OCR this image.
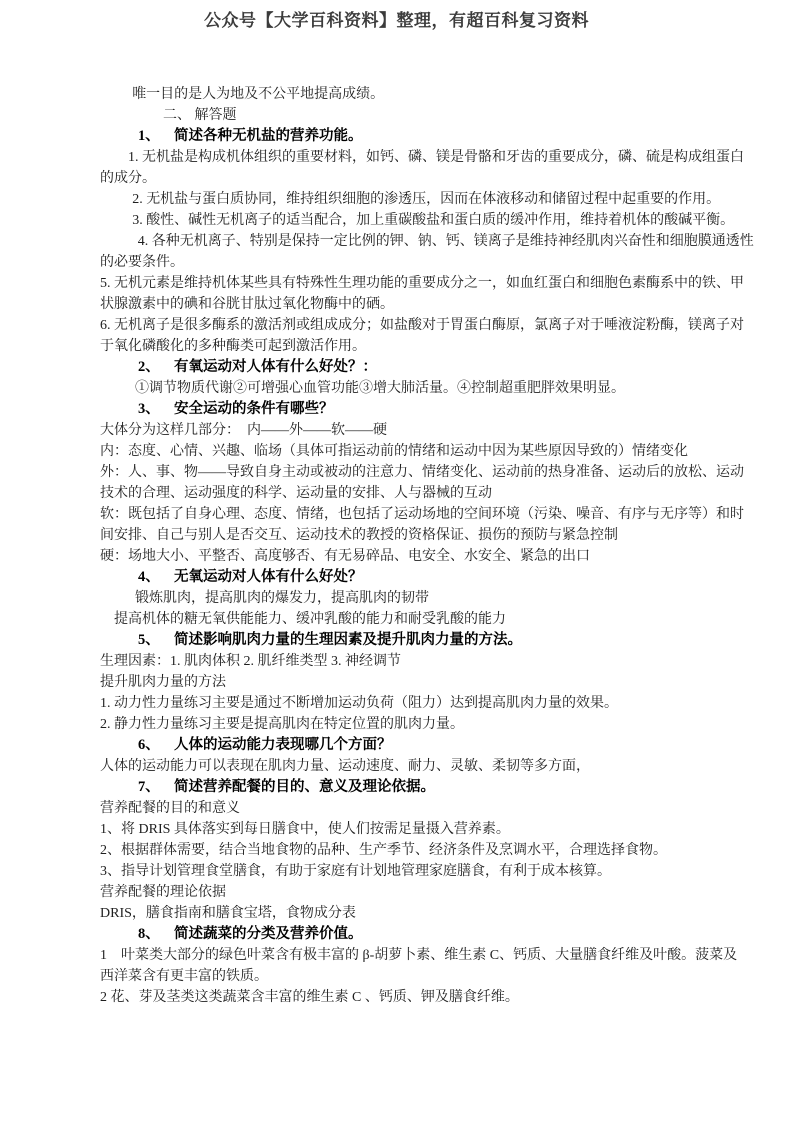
公众号【大学百科资料】整理，有超百科复习资料
唯一目的是人为地及不公平地提高成绩。
二、 解答题
1、 简述各种无机盐的营养功能。
1. 无机盐是构成机体组织的重要材料，如钙、磷、镁是骨骼和牙齿的重要成分，磷、硫是构成组蛋白
的成分。
2. 无机盐与蛋白质协同，维持组织细胞的渗透压，因而在体液移动和储留过程中起重要的作用。
3. 酸性、碱性无机离子的适当配合，加上重碳酸盐和蛋白质的缓冲作用，维持着机体的酸碱平衡。
4. 各种无机离子、特别是保持一定比例的钾、钠、钙、镁离子是维持神经肌肉兴奋性和细胞膜通透性
的必要条件。
5. 无机元素是维持机体某些具有特殊性生理功能的重要成分之一，如血红蛋白和细胞色素酶系中的铁、甲
状腺激素中的碘和谷胱甘肽过氧化物酶中的硒。
6. 无机离子是很多酶系的激活剂或组成成分；如盐酸对于胃蛋白酶原，氯离子对于唾液淀粉酶，镁离子对
于氧化磷酸化的多种酶类可起到激活作用。
2、 有氧运动对人体有什么好处？：
①调节物质代谢②可增强心血管功能③增大肺活量。④控制超重肥胖效果明显。
3、 安全运动的条件有哪些？
大体分为这样几部分：　内——外——软——硬
内：态度、心情、兴趣、临场（具体可指运动前的情绪和运动中因为某些原因导致的）情绪变化
外：人、事、物——导致自身主动或被动的注意力、情绪变化、运动前的热身准备、运动后的放松、运动
技术的合理、运动强度的科学、运动量的安排、人与器械的互动
软：既包括了自身心理、态度、情绪，也包括了运动场地的空间环境（污染、噪音、有序与无序等）和时
间安排、自己与别人是否交互、运动技术的教授的资格保证、损伤的预防与紧急控制
硬：场地大小、平整否、高度够否、有无易碎品、电安全、水安全、紧急的出口
4、 无氧运动对人体有什么好处？
锻炼肌肉，提高肌肉的爆发力，提高肌肉的韧带
提高机体的糖无氧供能能力、缓冲乳酸的能力和耐受乳酸的能力
5、 简述影响肌肉力量的生理因素及提升肌肉力量的方法。
生理因素：1. 肌肉体积 2. 肌纤维类型 3. 神经调节
提升肌肉力量的方法
1. 动力性力量练习主要是通过不断增加运动负荷（阻力）达到提高肌肉力量的效果。
2. 静力性力量练习主要是提高肌肉在特定位置的肌肉力量。
6、 人体的运动能力表现哪几个方面？
人体的运动能力可以表现在肌肉力量、运动速度、耐力、灵敏、柔韧等多方面，
7、 简述营养配餐的目的、意义及理论依据。
营养配餐的目的和意义
1、将 DRIS 具体落实到每日膳食中，使人们按需足量摄入营养素。
2、根据群体需要，结合当地食物的品种、生产季节、经济条件及烹调水平，合理选择食物。
3、指导计划管理食堂膳食，有助于家庭有计划地管理家庭膳食，有利于成本核算。
营养配餐的理论依据
DRIS，膳食指南和膳食宝塔，食物成分表
8、 简述蔬菜的分类及营养价值。
1　叶菜类大部分的绿色叶菜含有极丰富的 β-胡萝卜素、维生素 C、钙质、大量膳食纤维及叶酸。菠菜及
西洋菜含有更丰富的铁质。
2 花、芽及茎类这类蔬菜含丰富的维生素 C 、钙质、钾及膳食纤维。
